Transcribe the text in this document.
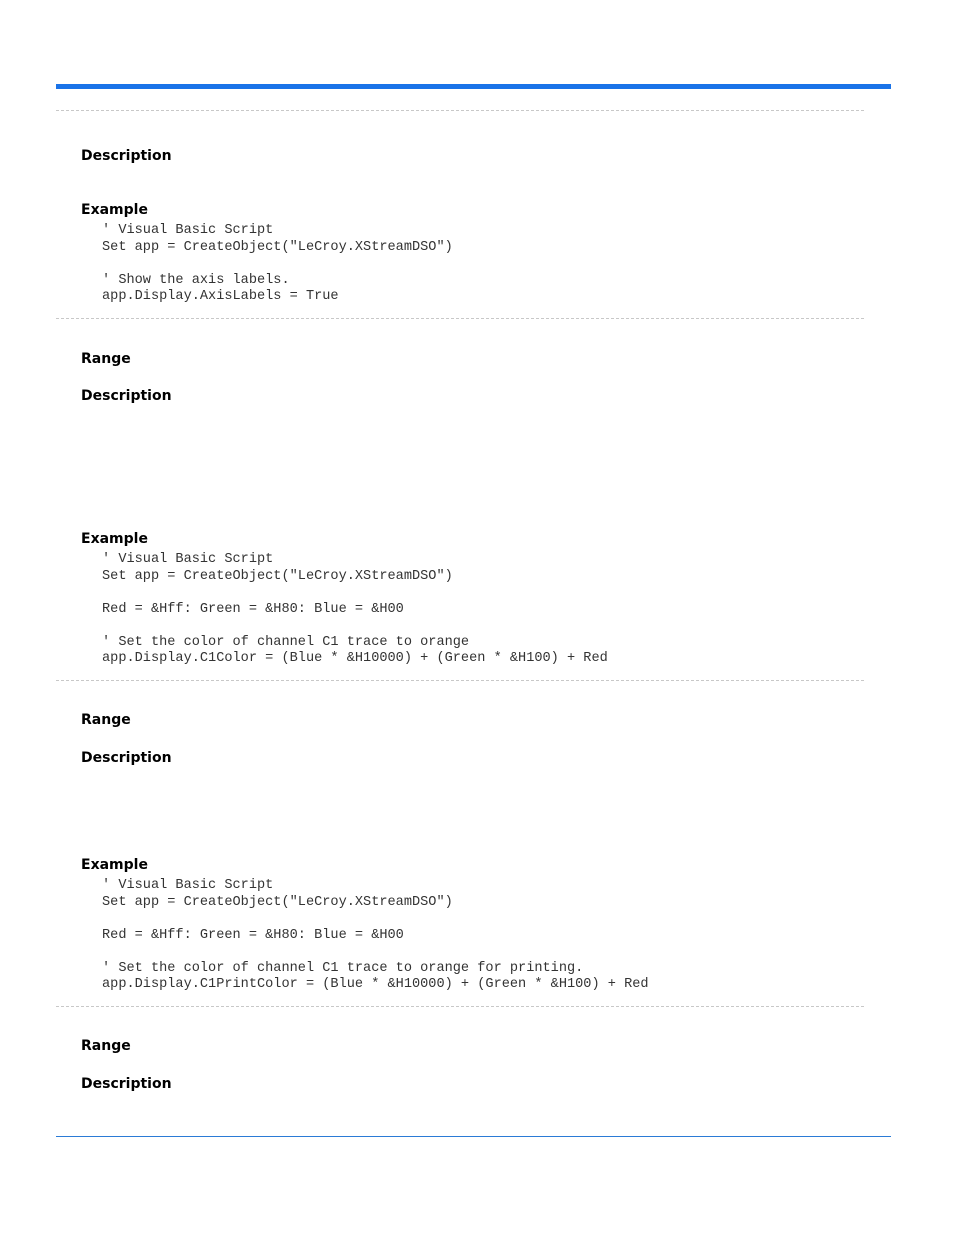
Description
Example
' Visual Basic Script
Set app = CreateObject("LeCroy.XStreamDSO")

' Show the axis labels.
app.Display.AxisLabels = True
Range
Description
Example
' Visual Basic Script
Set app = CreateObject("LeCroy.XStreamDSO")

Red = &Hff: Green = &H80: Blue = &H00

' Set the color of channel C1 trace to orange
app.Display.C1Color = (Blue * &H10000) + (Green * &H100) + Red
Range
Description
Example
' Visual Basic Script
Set app = CreateObject("LeCroy.XStreamDSO")

Red = &Hff: Green = &H80: Blue = &H00

' Set the color of channel C1 trace to orange for printing.
app.Display.C1PrintColor = (Blue * &H10000) + (Green * &H100) + Red
Range
Description
